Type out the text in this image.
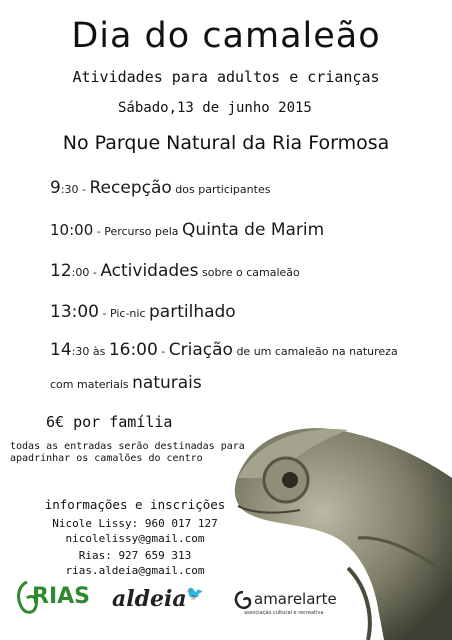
Dia do camaleão
Atividades para adultos e crianças
Sábado,13 de junho 2015
No Parque Natural da Ria Formosa
9:30 - Recepção dos participantes
10:00 - Percurso pela Quinta de Marim
12:00 - Actividades sobre o camaleão
13:00 - Pic-nic partilhado
14:30 às 16:00 - Criação de um camaleão na natureza
com materiais naturais
6€ por família
todas as entradas serão destinadas para apadrinhar os camalões do centro
informações e inscrições
Nicole Lissy: 960 017 127
nicolelissy@gmail.com
Rias: 927 659 313
rias.aldeia@gmail.com
RIAS aldeia 🐦	amarelarte
associação cultural e recreativa
